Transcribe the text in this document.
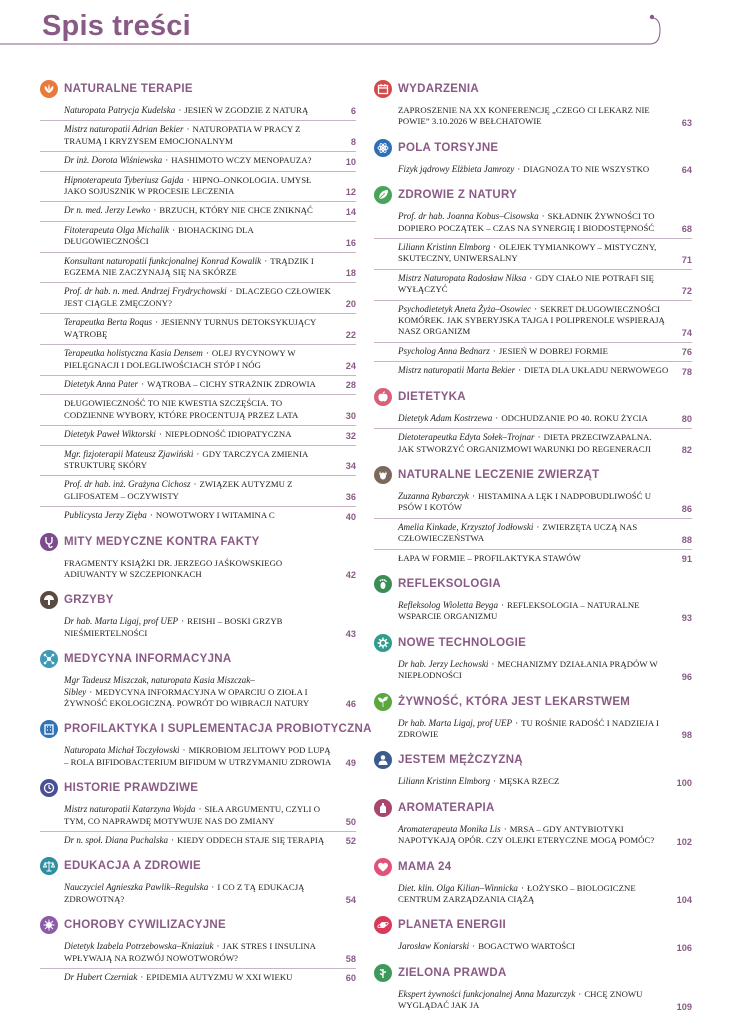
Spis treści
NATURALNE TERAPIE
Naturopata Patrycja Kudelska · JESIEŃ W ZGODZIE Z NATURĄ	6
Mistrz naturopatii Adrian Bekier · NATUROPATIA W PRACY Z TRAUMĄ I KRYZYSEM EMOCJONALNYM	8
Dr inż. Dorota Wiśniewska · HASHIMOTO WCZY MENOPAUZA?	10
Hipnoterapeuta Tyberiusz Gajda · HIPNO–ONKOLOGIA. UMYSŁ JAKO SOJUSZNIK W PROCESIE LECZENIA	12
Dr n. med. Jerzy Lewko · BRZUCH, KTÓRY NIE CHCE ZNIKNĄĆ	14
Fitoterapeuta Olga Michalik · BIOHACKING DLA DŁUGOWIECZNOŚCI	16
Konsultant naturopatii funkcjonalnej Konrad Kowalik · TRĄDZIK I EGZEMA NIE ZACZYNAJĄ SIĘ NA SKÓRZE	18
Prof. dr hab. n. med. Andrzej Frydrychowski · DLACZEGO CZŁOWIEK JEST CIĄGLE ZMĘCZONY?	20
Terapeutka Berta Roqus · JESIENNY TURNUS DETOKSYKUJĄCY WĄTROBĘ	22
Terapeutka holistyczna Kasia Densem · OLEJ RYCYNOWY W PIELĘGNACJI I DOLEGLIWOŚCIACH STÓP I NÓG	24
Dietetyk Anna Pater · WĄTROBA – CICHY STRAŻNIK ZDROWIA	28
DŁUGOWIECZNOŚĆ TO NIE KWESTIA SZCZĘŚCIA. TO CODZIENNE WYBORY, KTÓRE PROCENTUJĄ PRZEZ LATA	30
Dietetyk Paweł Wiktorski · NIEPŁODNOŚĆ IDIOPATYCZNA	32
Mgr. fizjoterapii Mateusz Zjawiński · GDY TARCZYCA ZMIENIA STRUKTURĘ SKÓRY	34
Prof. dr hab. inż. Grażyna Cichosz · ZWIĄZEK AUTYZMU Z GLIFOSATEM – OCZYWISTY	36
Publicysta Jerzy Zięba · NOWOTWORY I WITAMINA C	40
MITY MEDYCZNE KONTRA FAKTY
FRAGMENTY KSIĄŻKI DR. JERZEGO JAŚKOWSKIEGO ADIUWANTY W SZCZEPIONKACH	42
GRZYBY
Dr hab. Marta Ligaj, prof UEP · REISHI – BOSKI GRZYB NIEŚMIERTELNOŚCI	43
MEDYCYNA INFORMACYJNA
Mgr Tadeusz Miszczak, naturopata Kasia Miszczak–Sibley · MEDYCYNA INFORMACYJNA W OPARCIU O ZIOŁA I ŻYWNOŚĆ EKOLOGICZNĄ. POWRÓT DO WIBRACJI NATURY	46
PROFILAKTYKA I SUPLEMENTACJA PROBIOTYCZNA
Naturopata Michał Toczyłowski · MIKROBIOM JELITOWY POD LUPĄ – ROLA BIFIDOBACTERIUM BIFIDUM W UTRZYMANIU ZDROWIA	49
HISTORIE PRAWDZIWE
Mistrz naturopatii Katarzyna Wojda · SIŁA ARGUMENTU, CZYLI O TYM, CO NAPRAWDĘ MOTYWUJE NAS DO ZMIANY	50
Dr n. społ. Diana Puchalska · KIEDY ODDECH STAJE SIĘ TERAPIĄ	52
EDUKACJA A ZDROWIE
Nauczyciel Agnieszka Pawlik–Regulska · I CO Z TĄ EDUKACJĄ ZDROWOTNĄ?	54
CHOROBY CYWILIZACYJNE
Dietetyk Izabela Potrzebowska–Kniaziuk · JAK STRES I INSULINA WPŁYWAJĄ NA ROZWÓJ NOWOTWORÓW?	58
Dr Hubert Czerniak · EPIDEMIA AUTYZMU W XXI WIEKU	60
WYDARZENIA
ZAPROSZENIE NA XX KONFERENCJĘ „CZEGO CI LEKARZ NIE POWIE” 3.10.2026 W BEŁCHATOWIE	63
POLA TORSYJNE
Fizyk jądrowy Elżbieta Jamrozy · DIAGNOZA TO NIE WSZYSTKO	64
ZDROWIE Z NATURY
Prof. dr hab. Joanna Kobus–Cisowska · SKŁADNIK ŻYWNOŚCI TO DOPIERO POCZĄTEK – CZAS NA SYNERGIĘ I BIODOSTĘPNOŚĆ	68
Liliann Kristinn Elmborg · OLEJEK TYMIANKOWY – MISTYCZNY, SKUTECZNY, UNIWERSALNY	71
Mistrz Naturopata Radosław Niksa · GDY CIAŁO NIE POTRAFI SIĘ WYŁĄCZYĆ	72
Psychodietetyk Aneta Żyża–Osowiec · SEKRET DŁUGOWIECZNOŚCI KOMÓREK. JAK SYBERYJSKA TAJGA I POLIPRENOLE WSPIERAJĄ NASZ ORGANIZM	74
Psycholog Anna Bednarz · JESIEŃ W DOBREJ FORMIE	76
Mistrz naturopatii Marta Bekier · DIETA DLA UKŁADU NERWOWEGO 78
DIETETYKA
Dietetyk Adam Kostrzewa · ODCHUDZANIE PO 40. ROKU ŻYCIA	80
Dietoterapeutka Edyta Sołek–Trojnar · DIETA PRZECIWZAPALNA. JAK STWORZYĆ ORGANIZMOWI WARUNKI DO REGENERACJI	82
NATURALNE LECZENIE ZWIERZĄT
Zuzanna Rybarczyk · HISTAMINA A LĘK I NADPOBUDLIWOŚĆ U PSÓW I KOTÓW	86
Amelia Kinkade, Krzysztof Jodłowski · ZWIERZĘTA UCZĄ NAS CZŁOWIECZEŃSTWA	88
ŁAPA W FORMIE – PROFILAKTYKA STAWÓW	91
REFLEKSOLOGIA
Refleksolog Wioletta Beyga · REFLEKSOLOGIA – NATURALNE WSPARCIE ORGANIZMU	93
NOWE TECHNOLOGIE
Dr hab. Jerzy Lechowski · MECHANIZMY DZIAŁANIA PRĄDÓW W NIEPŁODNOŚCI	96
ŻYWNOŚĆ, KTÓRA JEST LEKARSTWEM
Dr hab. Marta Ligaj, prof UEP · TU ROŚNIE RADOŚĆ I NADZIEJA I ZDROWIE	98
JESTEM MĘŻCZYZNĄ
Liliann Kristinn Elmborg · MĘSKA RZECZ	100
AROMATERAPIA
Aromaterapeuta Monika Lis · MRSA – GDY ANTYBIOTYKI NAPOTYKAJĄ OPÓR. CZY OLEJKI ETERYCZNE MOGĄ POMÓC?	102
MAMA 24
Diet. klin. Olga Kilian–Winnicka · ŁOŻYSKO – BIOLOGICZNE CENTRUM ZARZĄDZANIA CIĄŻĄ	104
PLANETA ENERGII
Jarosław Koniarski · BOGACTWO WARTOŚCI	106
ZIELONA PRAWDA
Ekspert żywności funkcjonalnej Anna Mazurczyk · CHCĘ ZNOWU WYGLĄDAĆ JAK JA	109
